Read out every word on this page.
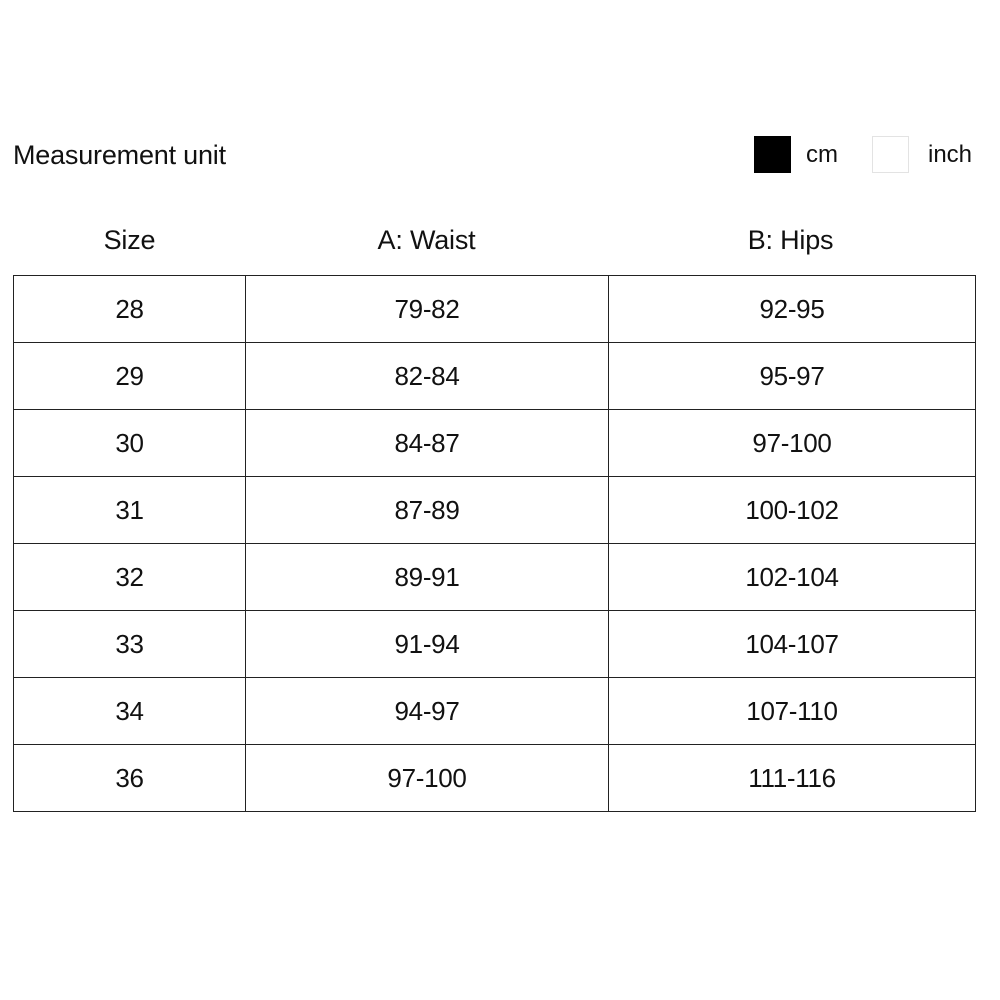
Measurement unit	cm	inch
Size	A: Waist	B: Hips
28	79-82	92-95
29	82-84	95-97
30	84-87	97-100
31	87-89	100-102
32	89-91	102-104
33	91-94	104-107
34	94-97	107-110
36	97-100	111-116
